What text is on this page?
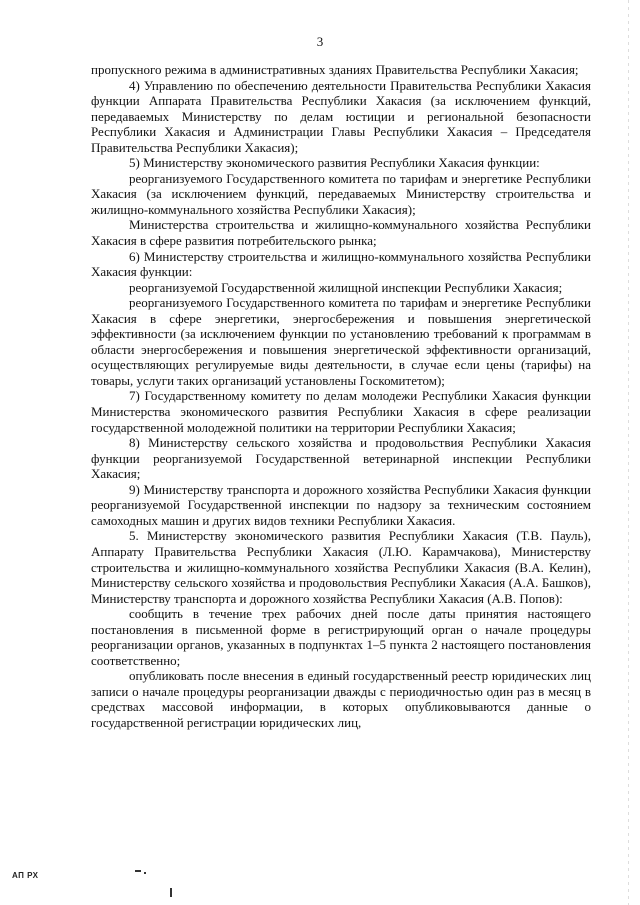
3

пропускного режима в административных зданиях Правительства Республики Хакасия;

4) Управлению по обеспечению деятельности Правительства Республики Хакасия функции Аппарата Правительства Республики Хакасия (за исключением функций, передаваемых Министерству по делам юстиции и региональной безопасности Республики Хакасия и Администрации Главы Республики Хакасия – Председателя Правительства Республики Хакасия);

5) Министерству экономического развития Республики Хакасия функции:

реорганизуемого Государственного комитета по тарифам и энергетике Республики Хакасия (за исключением функций, передаваемых Министерству строительства и жилищно-коммунального хозяйства Республики Хакасия);

Министерства строительства и жилищно-коммунального хозяйства Республики Хакасия в сфере развития потребительского рынка;

6) Министерству строительства и жилищно-коммунального хозяйства Республики Хакасия функции:

реорганизуемой Государственной жилищной инспекции Республики Хакасия;

реорганизуемого Государственного комитета по тарифам и энергетике Республики Хакасия в сфере энергетики, энергосбережения и повышения энергетической эффективности (за исключением функции по установлению требований к программам в области энергосбережения и повышения энергетической эффективности организаций, осуществляющих регулируемые виды деятельности, в случае если цены (тарифы) на товары, услуги таких организаций установлены Госкомитетом);

7) Государственному комитету по делам молодежи Республики Хакасия функции Министерства экономического развития Республики Хакасия в сфере реализации государственной молодежной политики на территории Республики Хакасия;

8) Министерству сельского хозяйства и продовольствия Республики Хакасия функции реорганизуемой Государственной ветеринарной инспекции Республики Хакасия;

9) Министерству транспорта и дорожного хозяйства Республики Хакасия функции реорганизуемой Государственной инспекции по надзору за техническим состоянием самоходных машин и других видов техники Республики Хакасия.

5. Министерству экономического развития Республики Хакасия (Т.В. Пауль), Аппарату Правительства Республики Хакасия (Л.Ю. Карамчакова), Министерству строительства и жилищно-коммунального хозяйства Республики Хакасия (В.А. Келин), Министерству сельского хозяйства и продовольствия Республики Хакасия (А.А. Башков), Министерству транспорта и дорожного хозяйства Республики Хакасия (А.В. Попов):

сообщить в течение трех рабочих дней после даты принятия настоящего постановления в письменной форме в регистрирующий орган о начале процедуры реорганизации органов, указанных в подпунктах 1–5 пункта 2 настоящего постановления соответственно;

опубликовать после внесения в единый государственный реестр юридических лиц записи о начале процедуры реорганизации дважды с периодичностью один раз в месяц в средствах массовой информации, в которых опубликовываются данные о государственной регистрации юридических лиц,

АП РХ
